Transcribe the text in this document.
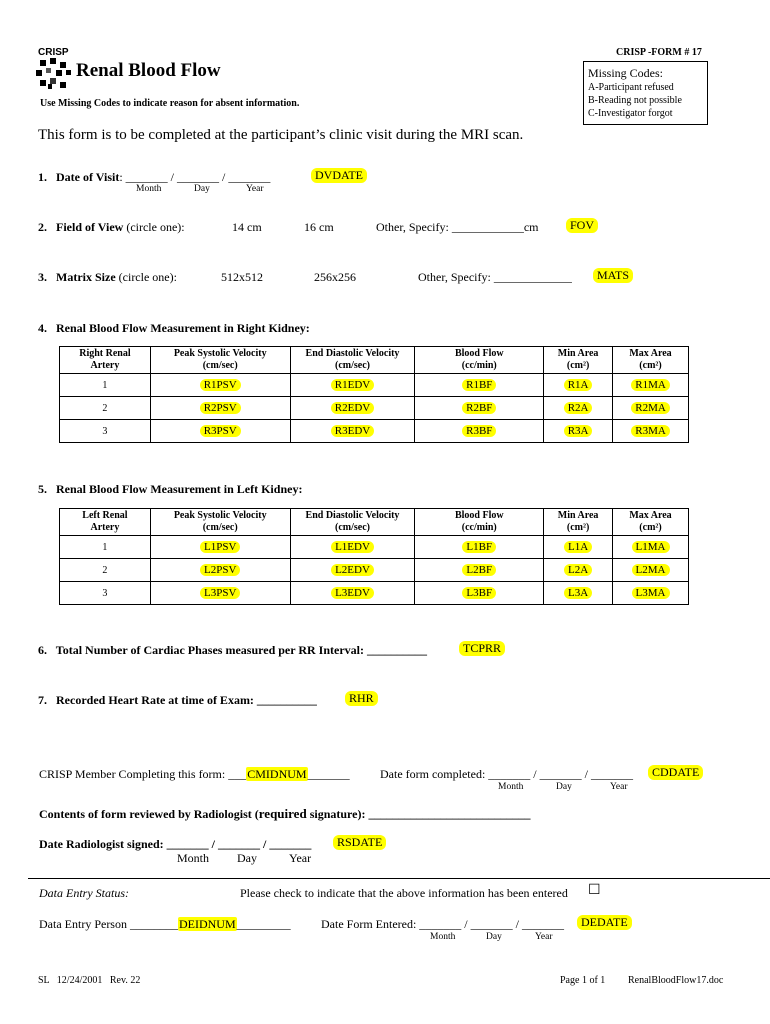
CRISP	CRISP -FORM # 17
Renal Blood Flow
Use Missing Codes to indicate reason for absent information.
Missing Codes:
A-Participant refused
B-Reading not possible
C-Investigator forgot
This form is to be completed at the participant’s clinic visit during the MRI scan.
1. Date of Visit: _______ / _______ / _______
Month	Day	Year
DVDATE
2. Field of View (circle one):	14 cm	16 cm	Other, Specify: ____________cm	FOV
3. Matrix Size (circle one):	512x512	256x256	Other, Specify: _____________	MATS
4. Renal Blood Flow Measurement in Right Kidney:
Right Renal
Artery	Peak Systolic Velocity
(cm/sec)	End Diastolic Velocity
(cm/sec)	Blood Flow
(cc/min)	Min Area
(cm²)	Max Area
(cm²)
1	R1PSV	R1EDV	R1BF	R1A	R1MA
2	R2PSV	R2EDV	R2BF	R2A	R2MA
3	R3PSV	R3EDV	R3BF	R3A	R3MA
5. Renal Blood Flow Measurement in Left Kidney:
Left Renal
Artery	Peak Systolic Velocity
(cm/sec)	End Diastolic Velocity
(cm/sec)	Blood Flow
(cc/min)	Min Area
(cm²)	Max Area
(cm²)
1	L1PSV	L1EDV	L1BF	L1A	L1MA
2	L2PSV	L2EDV	L2BF	L2A	L2MA
3	L3PSV	L3EDV	L3BF	L3A	L3MA
6. Total Number of Cardiac Phases measured per RR Interval: __________	TCPRR
7. Recorded Heart Rate at time of Exam: __________	RHR
CRISP Member Completing this form: ___CMIDNUM_______	Date form completed: _______ / _______ / _______
Month	Day	Year
CDDATE
Contents of form reviewed by Radiologist (required signature): ___________________________
Date Radiologist signed: _______ / _______ / _______
Month Day	Year
RSDATE
Data Entry Status:	Please check to indicate that the above information has been entered ☐
Data Entry Person ________DEIDNUM_________	Date Form Entered: _______ / _______ / _______
Month	Day	Year
DEDATE
SL   12/24/2001   Rev. 22	Page 1 of 1 RenalBloodFlow17.doc
